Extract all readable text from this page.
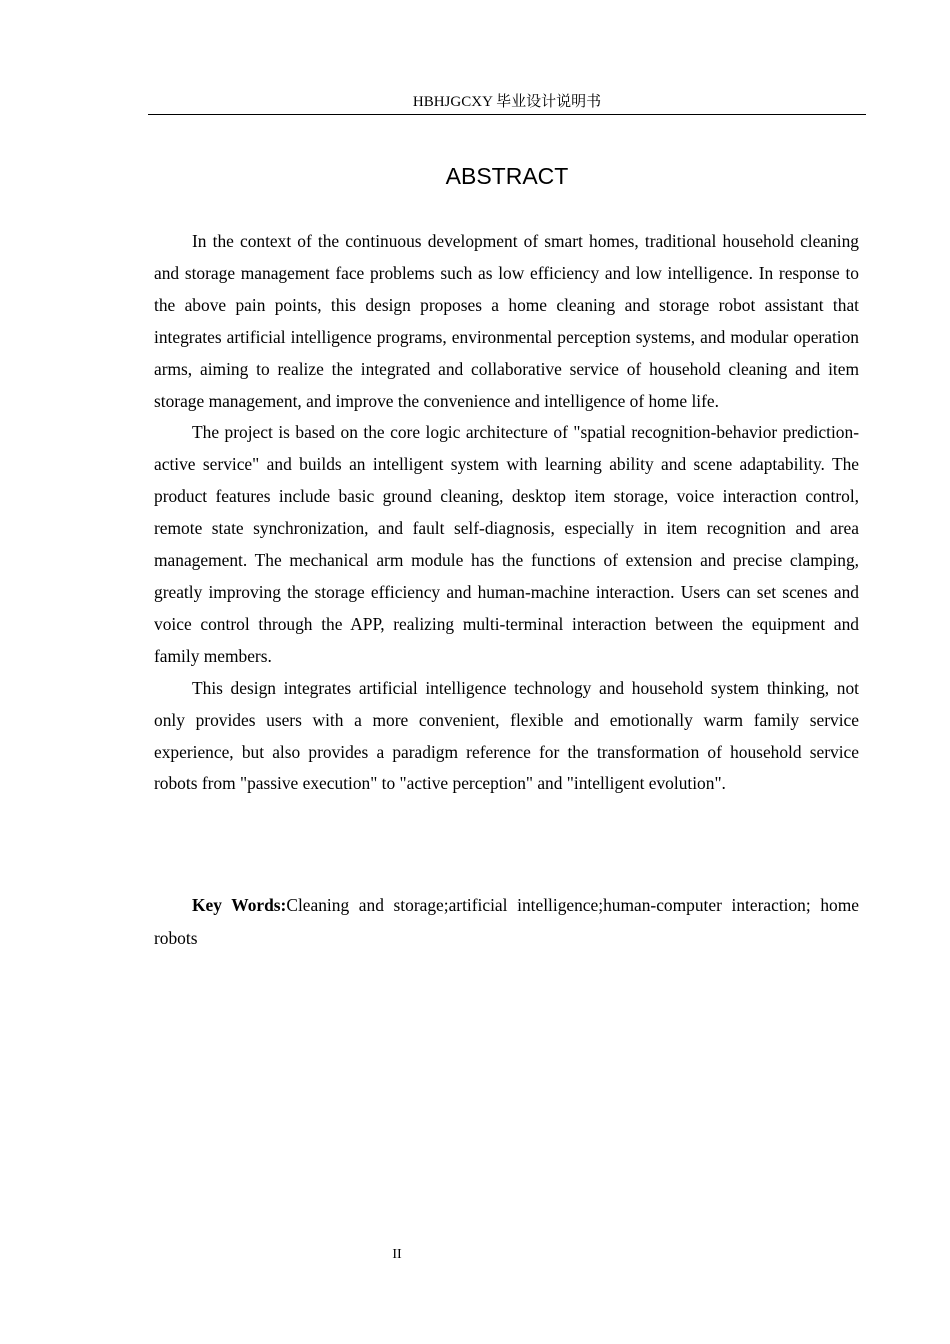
HBHJGCXY 毕业设计说明书
ABSTRACT

In the context of the continuous development of smart homes, traditional household cleaning and storage management face problems such as low efficiency and low intelligence. In response to the above pain points, this design proposes a home cleaning and storage robot assistant that integrates artificial intelligence programs, environmental perception systems, and modular operation arms, aiming to realize the integrated and collaborative service of household cleaning and item storage management, and improve the convenience and intelligence of home life.

The project is based on the core logic architecture of "spatial recognition-behavior prediction-active service" and builds an intelligent system with learning ability and scene adaptability. The product features include basic ground cleaning, desktop item storage, voice interaction control, remote state synchronization, and fault self-diagnosis, especially in item recognition and area management. The mechanical arm module has the functions of extension and precise clamping, greatly improving the storage efficiency and human-machine interaction. Users can set scenes and voice control through the APP, realizing multi-terminal interaction between the equipment and family members.

This design integrates artificial intelligence technology and household system thinking, not only provides users with a more convenient, flexible and emotionally warm family service experience, but also provides a paradigm reference for the transformation of household service robots from "passive execution" to "active perception" and "intelligent evolution".

Key Words:Cleaning and storage;artificial intelligence;human-computer interaction; home robots

II
